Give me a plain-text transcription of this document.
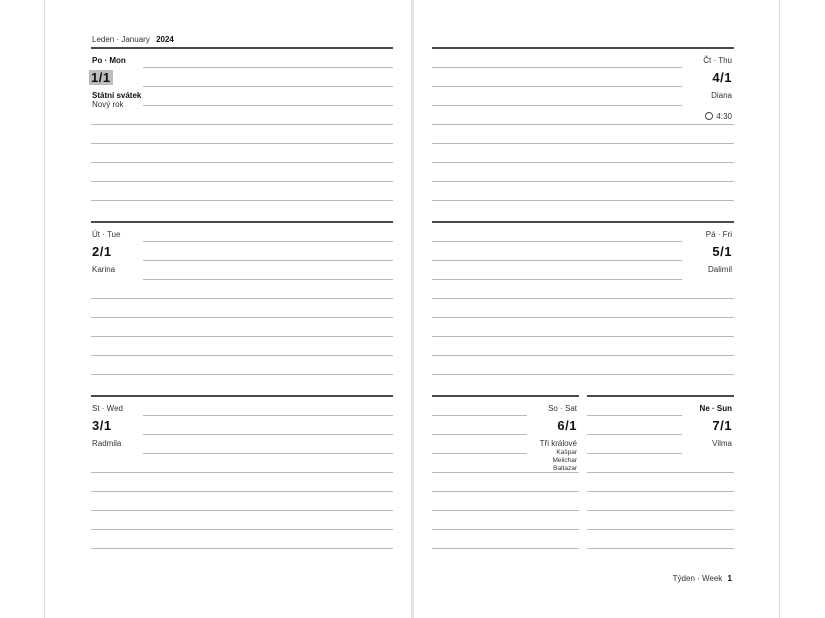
Leden · January 2024
Po · Mon
1/1
Státní svátek
Nový rok
Út · Tue
2/1
Karina
St · Wed
3/1
Radmila
Čt · Thu
4/1
Diana
4:30
Pá · Fri
5/1
Dalimil
So · Sat
6/1
Tři králové
Kašpar
Melichar
Baltazar
Ne · Sun
7/1
Vilma
Týden · Week 1
